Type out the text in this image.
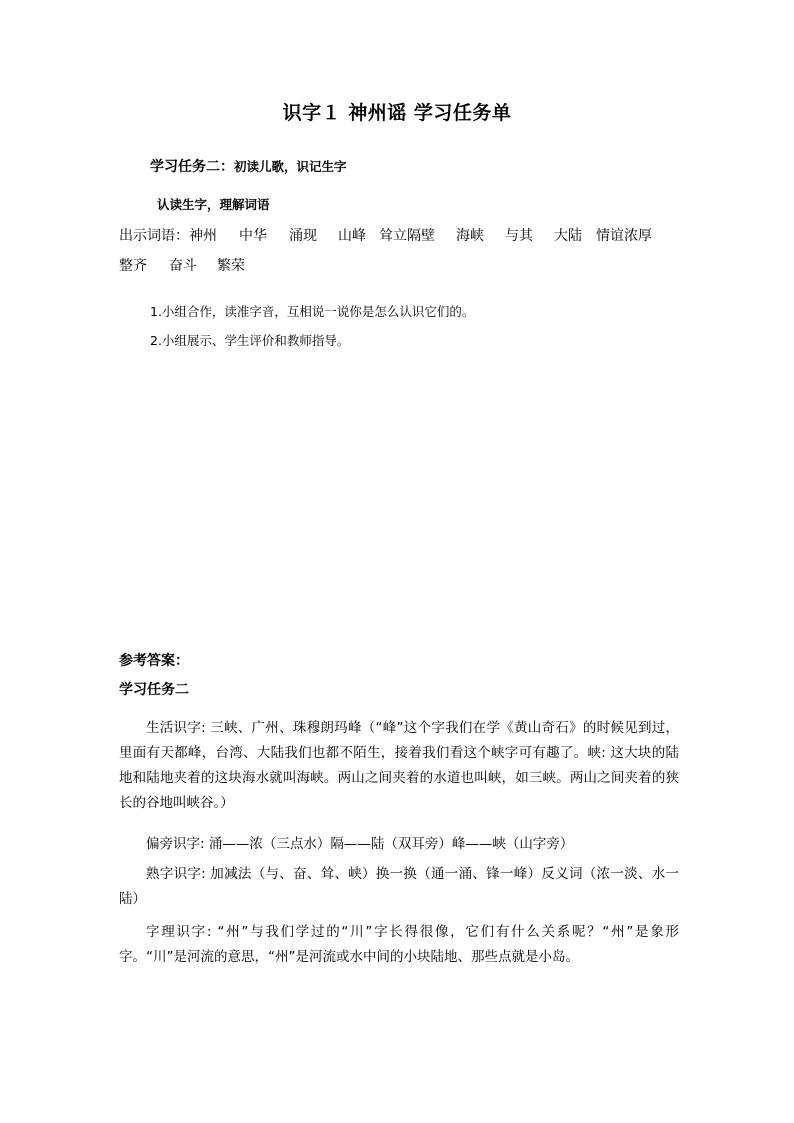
识字１ 神州谣 学习任务单
学习任务二：初读儿歌，识记生字
认读生字，理解词语
出示词语： 神州 中华 涌现 山峰 耸立隔壁 海峡 与其 大陆 情谊浓厚
整齐 奋斗 繁荣
1.小组合作，读准字音，互相说一说你是怎么认识它们的。
2.小组展示、学生评价和教师指导。
参考答案：
学习任务二
生活识字: 三峡、广州、珠穆朗玛峰（“峰”这个字我们在学《黄山奇石》的时候见到过，里面有天都峰，台湾、大陆我们也都不陌生，接着我们看这个峡字可有趣了。峡: 这大块的陆地和陆地夹着的这块海水就叫海峡。两山之间夹着的水道也叫峡，如三峡。两山之间夹着的狭长的谷地叫峡谷。）
偏旁识字: 涌——浓（三点水）隔——陆（双耳旁）峰——峡（山字旁）
熟字识字: 加减法（与、奋、耸、峡）换一换（通一涌、锋一峰）反义词（浓一淡、水一陆）
字理识字: “州”与我们学过的“川”字长得很像，它们有什么关系呢？“州”是象形字。“川”是河流的意思，“州”是河流或水中间的小块陆地、那些点就是小岛。
